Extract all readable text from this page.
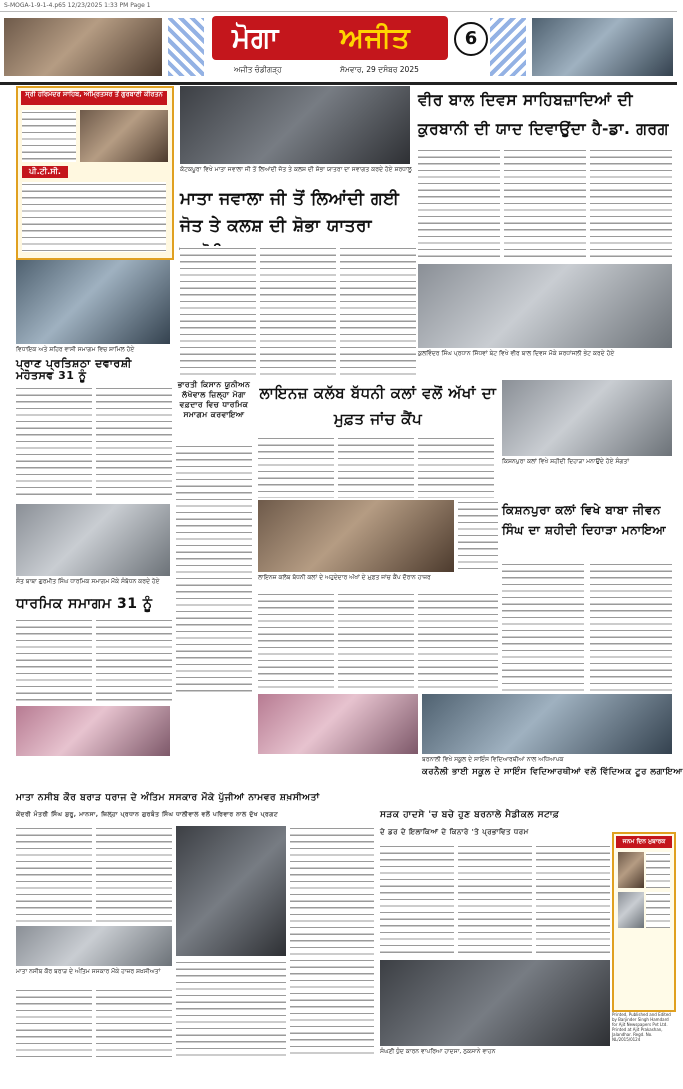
S-MOGA-1-9-1-4.p65 12/23/2025 1:33 PM Page 1
ਮੋਗਾ ਅਜੀਤ
ਅਜੀਤ ਚੰਡੀਗੜ੍ਹ	ਸੋਮਵਾਰ, 29 ਦਸੰਬਰ 2025
6
ਸ੍ਰੀ ਹਰਿਮੰਦਰ ਸਾਹਿਬ, ਅੰਮ੍ਰਿਤਸਰ ਤੋਂ ਗੁਰਬਾਣੀ ਕੀਰਤਨ
ਪੀ.ਟੀ.ਸੀ.	ਕੋਟਕਪੂਰਾ ਵਿਖੇ ਮਾਤਾ ਜਵਾਲਾ ਜੀ ਤੋਂ ਲਿਆਂਦੀ ਜੋਤ ਤੇ ਕਲਸ਼ ਦੀ ਸ਼ੋਭਾ ਯਾਤਰਾ ਦਾ ਸਵਾਗਤ ਕਰਦੇ ਹੋਏ ਸ਼ਰਧਾਲੂ
ਮਾਤਾ ਜਵਾਲਾ ਜੀ ਤੋਂ ਲਿਆਂਦੀ ਗਈ ਜੋਤ ਤੇ ਕਲਸ਼ ਦੀ ਸ਼ੋਭਾ ਯਾਤਰਾ
ਵੀਰ ਬਾਲ ਦਿਵਸ ਸਾਹਿਬਜ਼ਾਦਿਆਂ ਦੀ ਕੁਰਬਾਨੀ ਦੀ ਯਾਦ ਦਿਵਾਉਂਦਾ ਹੈ-ਡਾ. ਗਰਗ
ਕੁਲਵਿੰਦਰ ਸਿੰਘ ਪ੍ਰਧਾਨ ਸਿੱਧਵਾਂ ਬੇਟ ਵਿਖੇ ਵੀਰ ਬਾਲ ਦਿਵਸ ਮੌਕੇ ਸ਼ਰਧਾਂਜਲੀ ਭੇਟ ਕਰਦੇ ਹੋਏ
ਵਿਧਾਇਕ ਅਤੇ ਸ਼ਹਿਰ ਵਾਸੀ ਸਮਾਗਮ ਵਿਚ ਸ਼ਾਮਿਲ ਹੋਏ
ਪ੍ਰਾਣ ਪ੍ਰਤਿਸ਼ਠਾ ਦਵਾਰਸ਼ੀ ਮਹੋਤਸਵ 31 ਨੂੰ
ਭਾਰਤੀ ਕਿਸਾਨ ਯੂਨੀਅਨ ਲੱਖੋਵਾਲ ਜ਼ਿਲ੍ਹਾ ਮੋਗਾ ਵਫ਼ਦਾਰ ਵਿਚ ਧਾਰਮਿਕ ਸਮਾਗਮ ਕਰਵਾਇਆ
ਲਾਇਨਜ਼ ਕਲੱਬ ਬੱਧਨੀ ਕਲਾਂ ਵਲੋਂ ਅੱਖਾਂ ਦਾ ਮੁਫ਼ਤ ਜਾਂਚ ਕੈਂਪ
ਲਾਇਨਜ਼ ਕਲੱਬ ਬੱਧਨੀ ਕਲਾਂ ਦੇ ਅਹੁਦੇਦਾਰ ਅੱਖਾਂ ਦੇ ਮੁਫ਼ਤ ਜਾਂਚ ਕੈਂਪ ਦੌਰਾਨ ਹਾਜ਼ਰ
ਸੰਤ ਬਾਬਾ ਗੁਰਮੀਤ ਸਿੰਘ ਧਾਰਮਿਕ ਸਮਾਗਮ ਮੌਕੇ ਸੰਬੋਧਨ ਕਰਦੇ ਹੋਏ
ਧਾਰਮਿਕ ਸਮਾਗਮ 31 ਨੂੰ
ਕਿਸ਼ਨਪੁਰਾ ਕਲਾਂ ਵਿਖੇ ਸ਼ਹੀਦੀ ਦਿਹਾੜਾ ਮਨਾਉਂਦੇ ਹੋਏ ਸੰਗਤਾਂ
ਕਿਸ਼ਨਪੁਰਾ ਕਲਾਂ ਵਿਖੇ ਬਾਬਾ ਜੀਵਨ ਸਿੰਘ ਦਾ ਸ਼ਹੀਦੀ ਦਿਹਾੜਾ ਮਨਾਇਆ
ਬਰਨਾਲੀ ਵਿਖੇ ਸਕੂਲ ਦੇ ਸਾਇੰਸ ਵਿਦਿਆਰਥੀਆਂ ਨਾਲ ਅਧਿਆਪਕ
ਕਰਨੈਲੀ ਭਾਈ ਸਕੂਲ ਦੇ ਸਾਇੰਸ ਵਿਦਿਆਰਥੀਆਂ ਵਲੋਂ ਵਿੱਦਿਅਕ ਟੂਰ ਲਗਾਇਆ
ਮਾਤਾ ਨਸੀਬ ਕੌਰ ਬਰਾੜ ਧਰਾਜ ਦੇ ਅੰਤਿਮ ਸਸਕਾਰ ਮੌਕੇ ਪੁੱਜੀਆਂ ਨਾਮਵਰ ਸ਼ਖ਼ਸੀਅਤਾਂ
ਕੇਂਦਰੀ ਮੰਤਰੀ ਸਿੰਘ ਸ਼ੁਰੂ, ਮਾਨਸਾ, ਜ਼ਿਲ੍ਹਾ ਪ੍ਰਧਾਨ ਗੁਰਬੰਤ ਸਿੰਘ ਧਾਲੀਵਾਲ ਵਲੋਂ ਪਰਿਵਾਰ ਨਾਲ ਦੁੱਖ ਪ੍ਰਗਟ
ਮਾਤਾ ਨਸੀਬ ਕੌਰ ਬਰਾੜ ਦੇ ਅੰਤਿਮ ਸਸਕਾਰ ਮੌਕੇ ਹਾਜ਼ਰ ਸ਼ਖ਼ਸੀਅਤਾਂ
ਸੜਕ ਹਾਦਸੇ 'ਚ ਬਚੇ ਹੁਣ ਬਰਨਾਲੇ ਮੈਡੀਕਲ ਸਟਾਫ਼
ਦੇ ਡਰ ਦੇ ਇਲਾਕਿਆਂ ਦੇ ਕਿਨਾਰੇ 'ਤੇ ਪ੍ਰਭਾਵਿਤ ਧਰਮ
ਸੰਘਣੀ ਧੁੰਦ ਕਾਰਨ ਵਾਪਰਿਆ ਹਾਦਸਾ, ਨੁਕਸਾਨੇ ਵਾਹਨ
ਜਨਮ ਦਿਨ ਮੁਬਾਰਕ
Printed, Published and Edited by Barjinder Singh Hamdard for Ajit Newspapers Pvt Ltd. Printed at Ajit Prakashan, Jalandhar. Regd. No. NL/2015/0124
